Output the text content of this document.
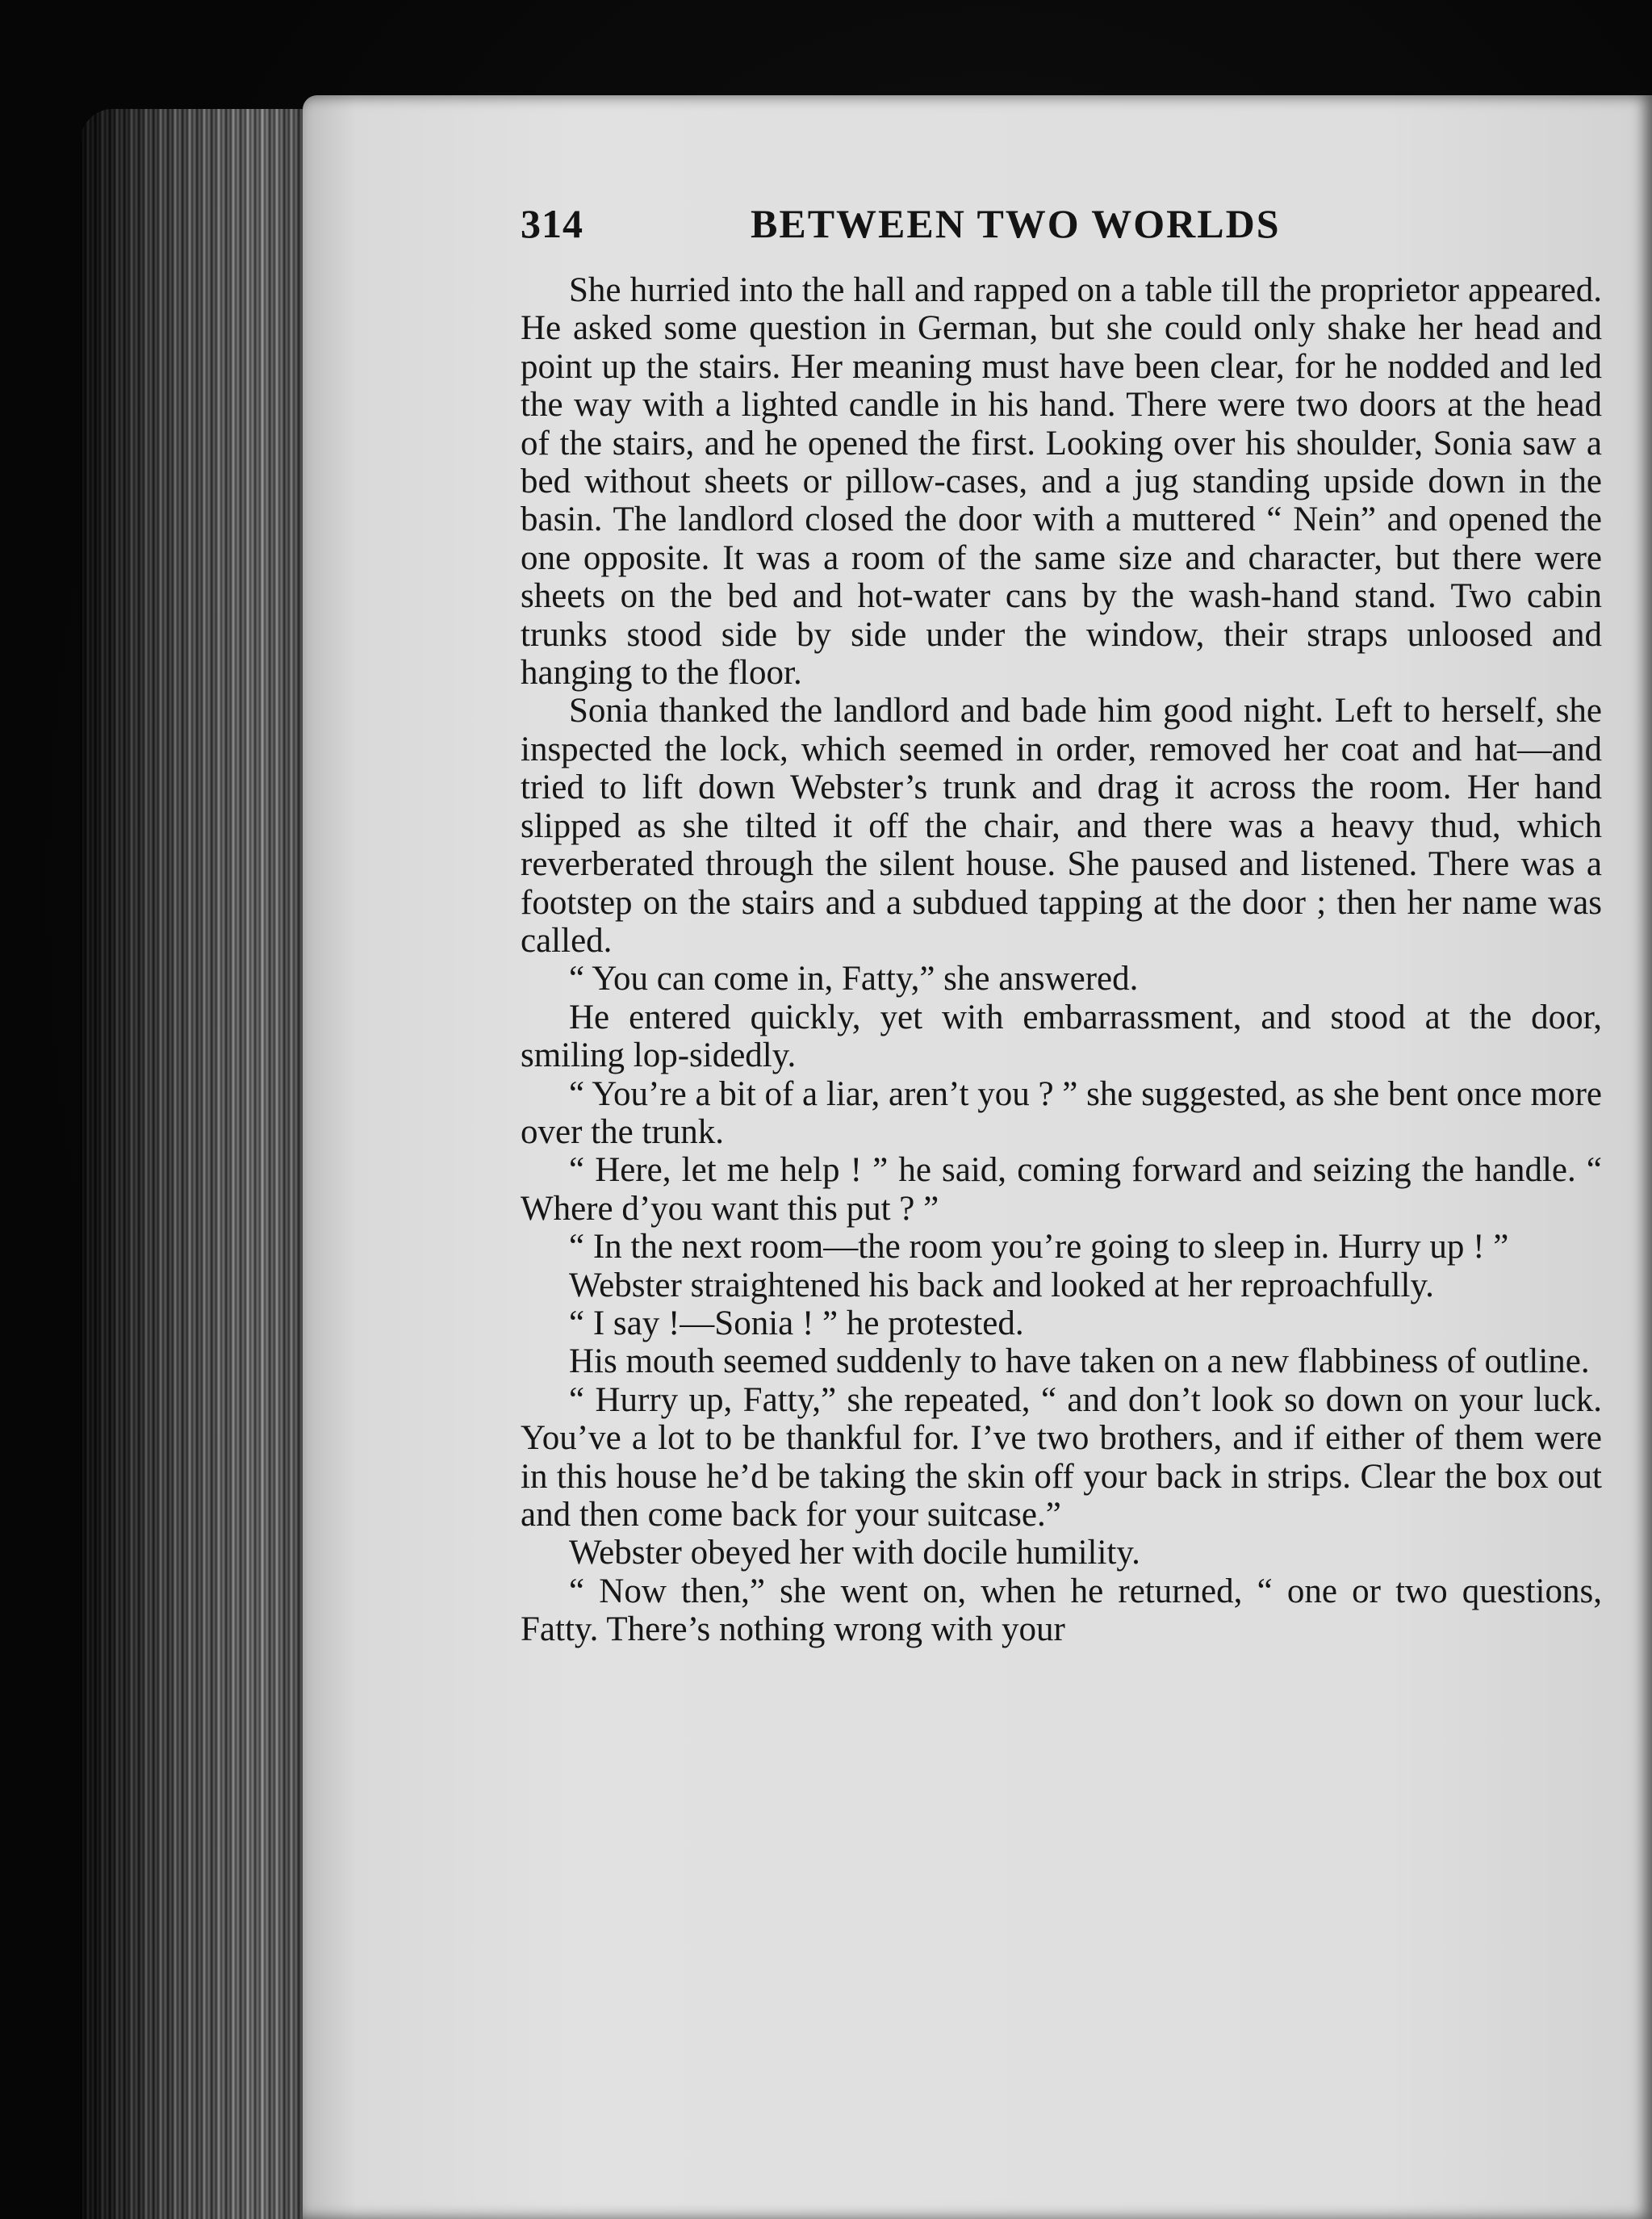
314	BETWEEN TWO WORLDS

She hurried into the hall and rapped on a table till the proprietor appeared. He asked some question in German, but she could only shake her head and point up the stairs. Her meaning must have been clear, for he nodded and led the way with a lighted candle in his hand. There were two doors at the head of the stairs, and he opened the first. Looking over his shoulder, Sonia saw a bed without sheets or pillow-cases, and a jug standing upside down in the basin. The landlord closed the door with a muttered “ Nein” and opened the one opposite. It was a room of the same size and character, but there were sheets on the bed and hot-water cans by the wash-hand stand. Two cabin trunks stood side by side under the window, their straps unloosed and hanging to the floor.

Sonia thanked the landlord and bade him good night. Left to herself, she inspected the lock, which seemed in order, removed her coat and hat—and tried to lift down Webster’s trunk and drag it across the room. Her hand slipped as she tilted it off the chair, and there was a heavy thud, which reverberated through the silent house. She paused and listened. There was a footstep on the stairs and a subdued tapping at the door ; then her name was called.

“ You can come in, Fatty,” she answered.

He entered quickly, yet with embarrassment, and stood at the door, smiling lop-sidedly.

“ You’re a bit of a liar, aren’t you ? ” she suggested, as she bent once more over the trunk.

“ Here, let me help ! ” he said, coming forward and seizing the handle. “ Where d’you want this put ? ”

“ In the next room—the room you’re going to sleep in. Hurry up ! ”

Webster straightened his back and looked at her reproachfully.

“ I say !—Sonia ! ” he protested.

His mouth seemed suddenly to have taken on a new flabbiness of outline.

“ Hurry up, Fatty,” she repeated, “ and don’t look so down on your luck. You’ve a lot to be thankful for. I’ve two brothers, and if either of them were in this house he’d be taking the skin off your back in strips. Clear the box out and then come back for your suitcase.”

Webster obeyed her with docile humility.

“ Now then,” she went on, when he returned, “ one or two questions, Fatty. There’s nothing wrong with your
